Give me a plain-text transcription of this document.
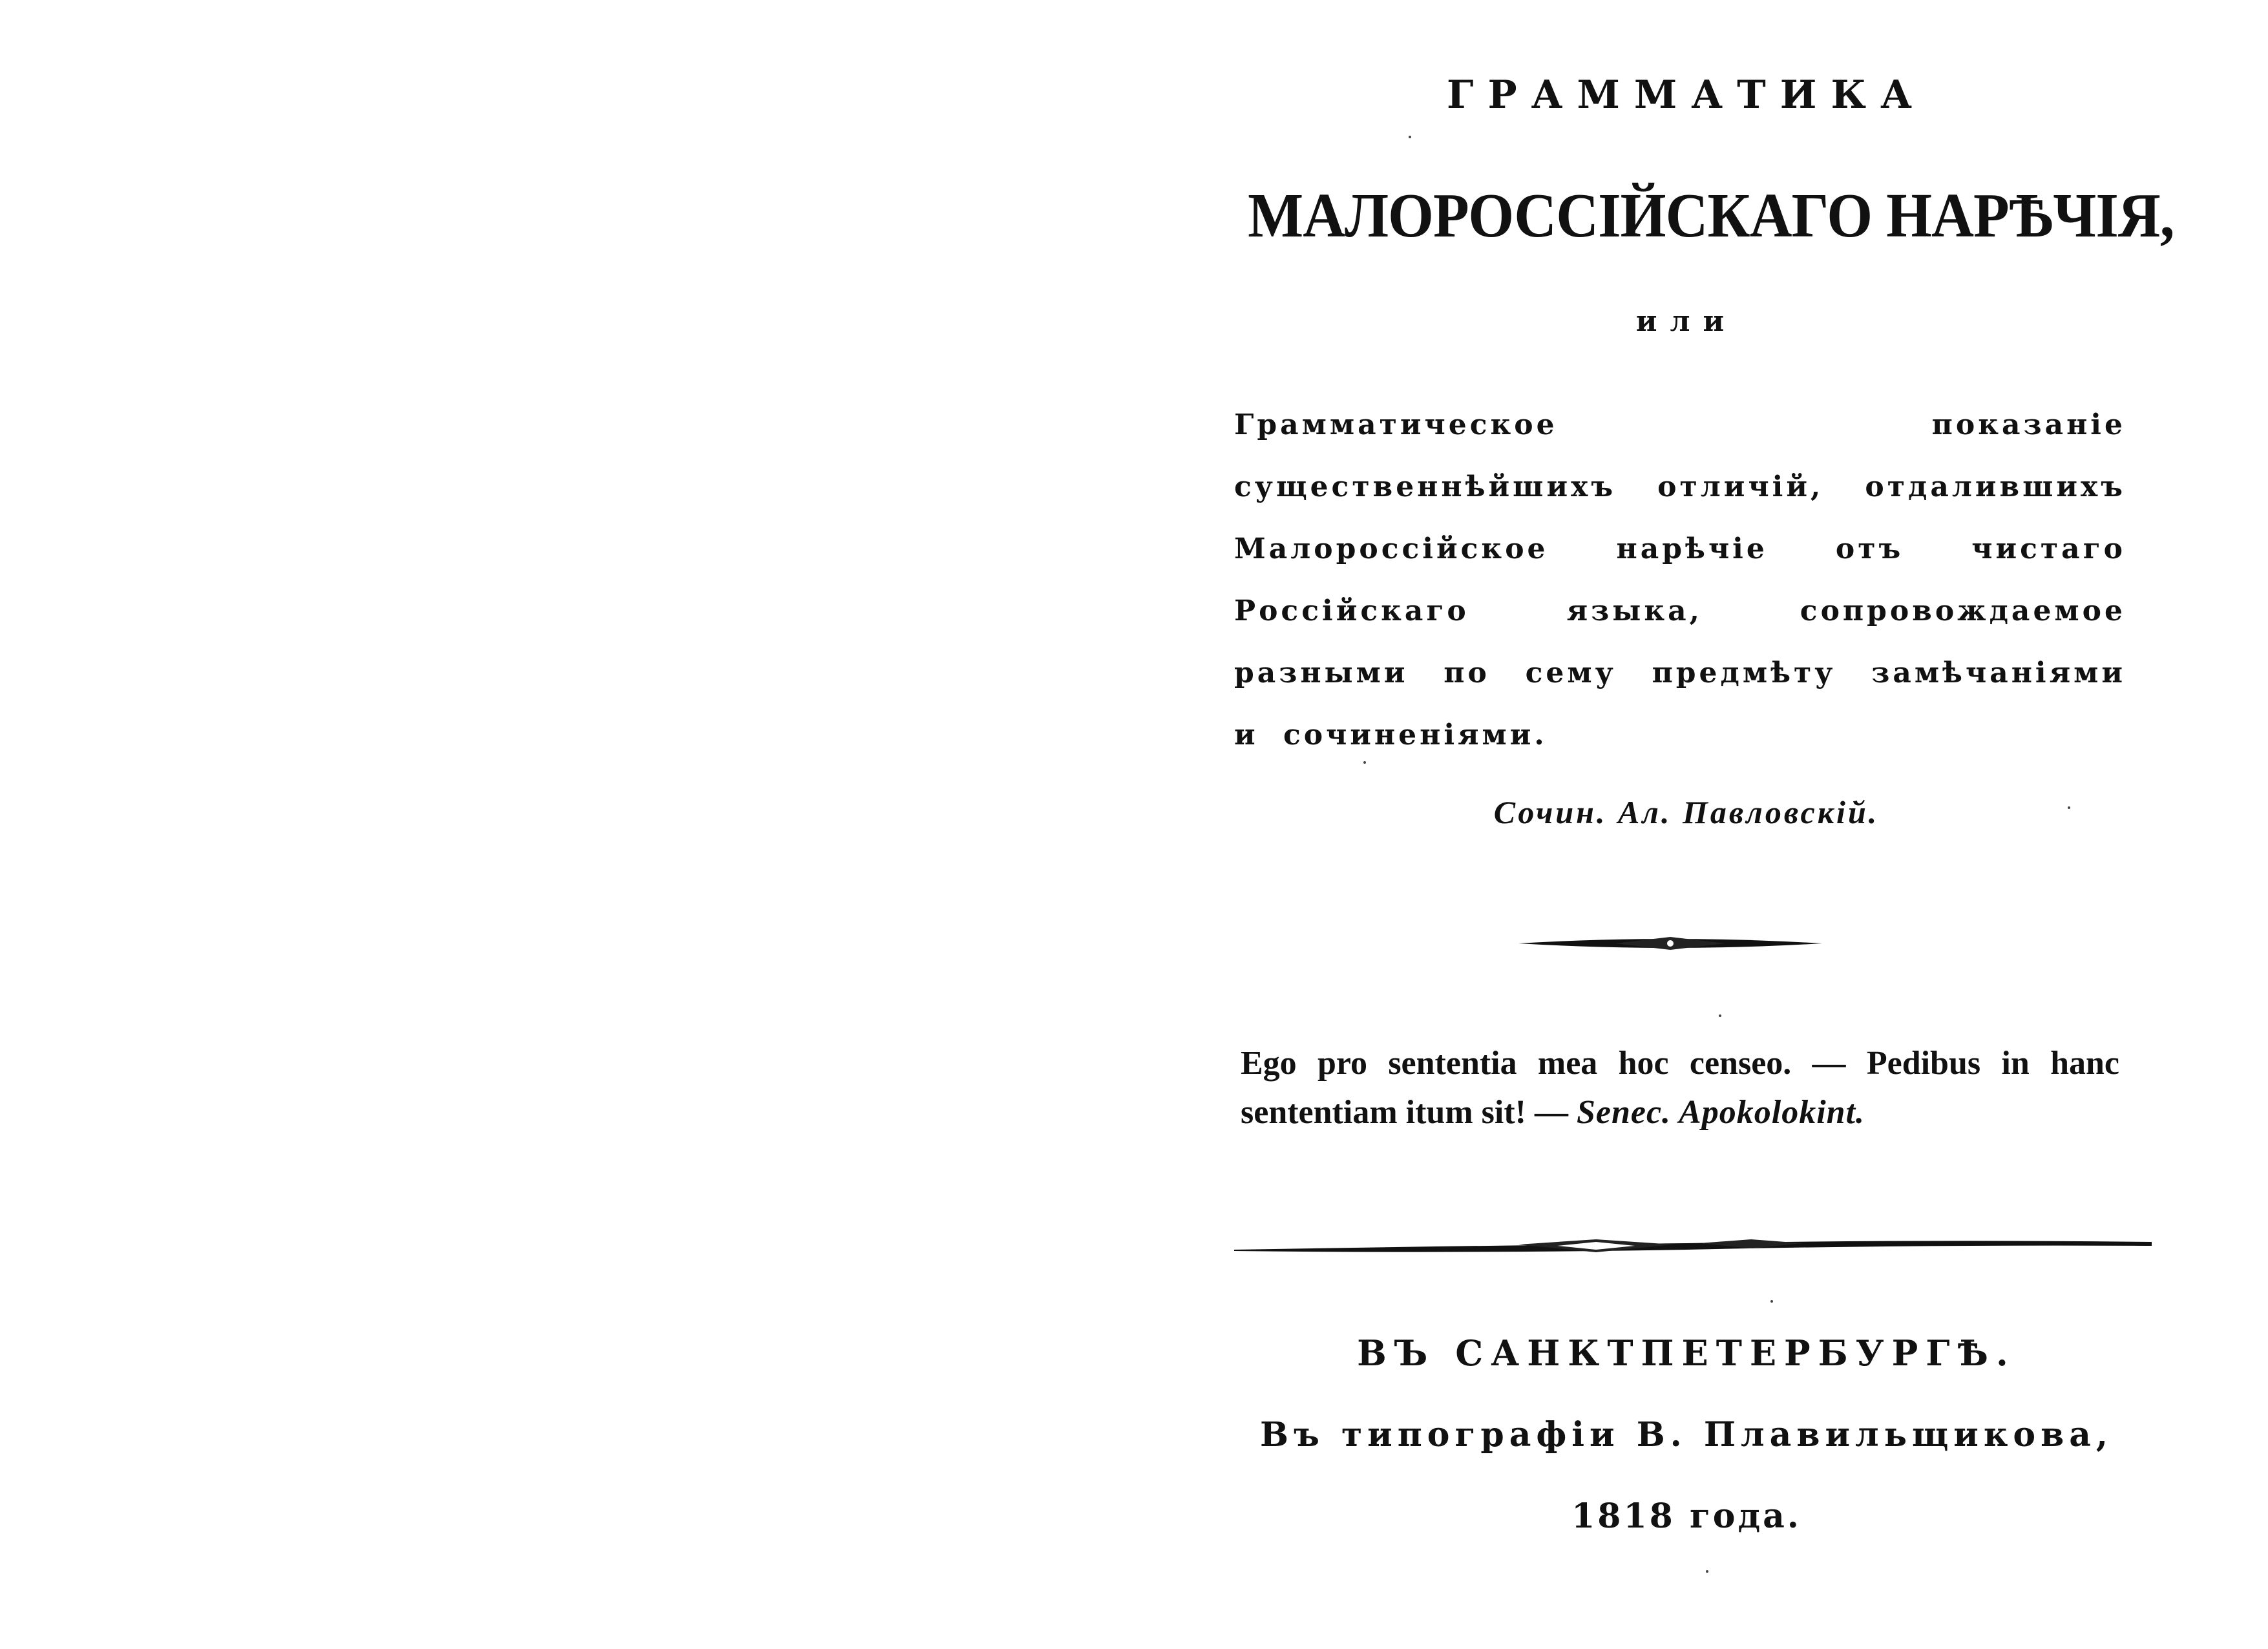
ГРАММАТИКА
МАЛОРОССІЙСКАГО НАРѢЧІЯ,
или
Грамматическое показаніе существеннѣйшихъ отличій, отдалившихъ Малороссійское нарѣчіе отъ чистаго Россійскаго языка, сопровождаемое разными по сему предмѣту замѣчаніями и сочиненіями.
Сочин. Ал. Павловскій.
Ego pro sententia mea hoc censeo. — Pedibus in hanc sententiam itum sit! — Senec. Apokolokint.
ВЪ САНКТПЕТЕРБУРГѢ.
Въ типографіи В. Плавильщикова,
1818 года.
